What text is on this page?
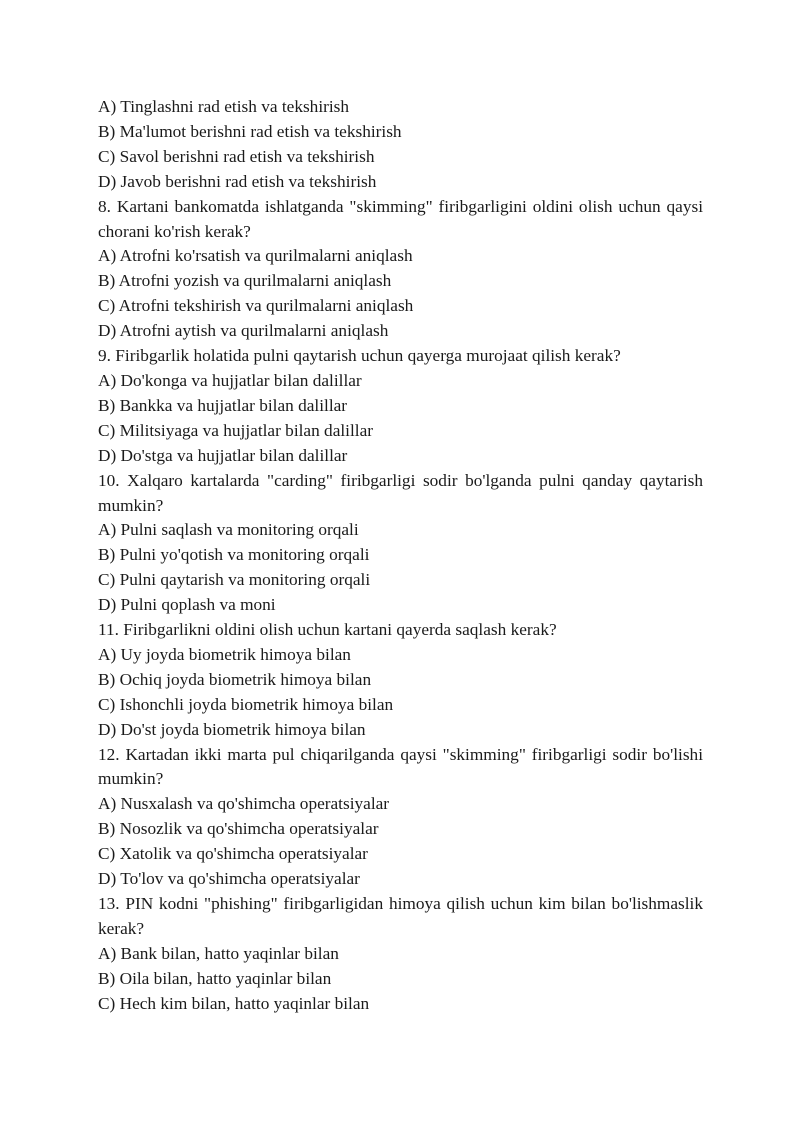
A) Tinglashni rad etish va tekshirish
B) Ma'lumot berishni rad etish va tekshirish
C) Savol berishni rad etish va tekshirish
D) Javob berishni rad etish va tekshirish
8. Kartani bankomatda ishlatganda "skimming" firibgarligini oldini olish uchun qaysi chorani ko'rish kerak?
A) Atrofni ko'rsatish va qurilmalarni aniqlash
B) Atrofni yozish va qurilmalarni aniqlash
C) Atrofni tekshirish va qurilmalarni aniqlash
D) Atrofni aytish va qurilmalarni aniqlash
9. Firibgarlik holatida pulni qaytarish uchun qayerga murojaat qilish kerak?
A) Do'konga va hujjatlar bilan dalillar
B) Bankka va hujjatlar bilan dalillar
C) Militsiyaga va hujjatlar bilan dalillar
D) Do'stga va hujjatlar bilan dalillar
10. Xalqaro kartalarda "carding" firibgarligi sodir bo'lganda pulni qanday qaytarish mumkin?
A) Pulni saqlash va monitoring orqali
B) Pulni yo'qotish va monitoring orqali
C) Pulni qaytarish va monitoring orqali
D) Pulni qoplash va moni
11. Firibgarlikni oldini olish uchun kartani qayerda saqlash kerak?
A) Uy joyda biometrik himoya bilan
B) Ochiq joyda biometrik himoya bilan
C) Ishonchli joyda biometrik himoya bilan
D) Do'st joyda biometrik himoya bilan
12. Kartadan ikki marta pul chiqarilganda qaysi "skimming" firibgarligi sodir bo'lishi mumkin?
A) Nusxalash va qo'shimcha operatsiyalar
B) Nosozlik va qo'shimcha operatsiyalar
C) Xatolik va qo'shimcha operatsiyalar
D) To'lov va qo'shimcha operatsiyalar
13. PIN kodni "phishing" firibgarligidan himoya qilish uchun kim bilan bo'lishmaslik kerak?
A) Bank bilan, hatto yaqinlar bilan
B) Oila bilan, hatto yaqinlar bilan
C) Hech kim bilan, hatto yaqinlar bilan
